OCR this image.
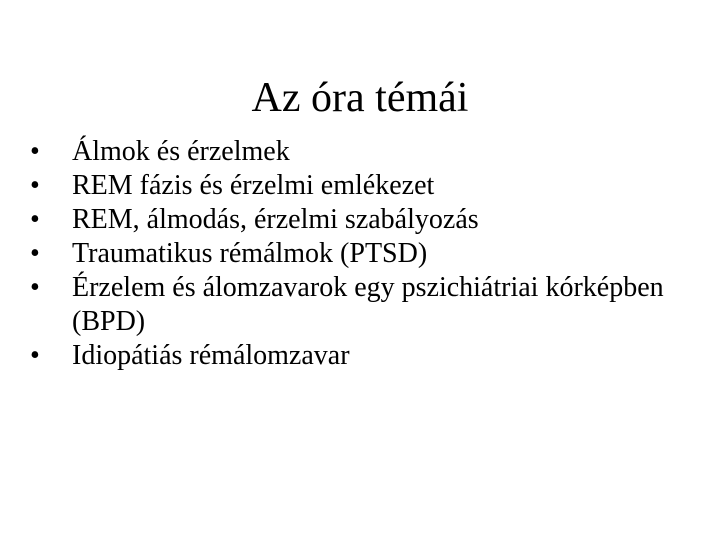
Az óra témái
• Álmok és érzelmek
• REM fázis és érzelmi emlékezet
• REM, álmodás, érzelmi szabályozás
• Traumatikus rémálmok (PTSD)
• Érzelem és álomzavarok egy pszichiátriai kórképben (BPD)
• Idiopátiás rémálomzavar
